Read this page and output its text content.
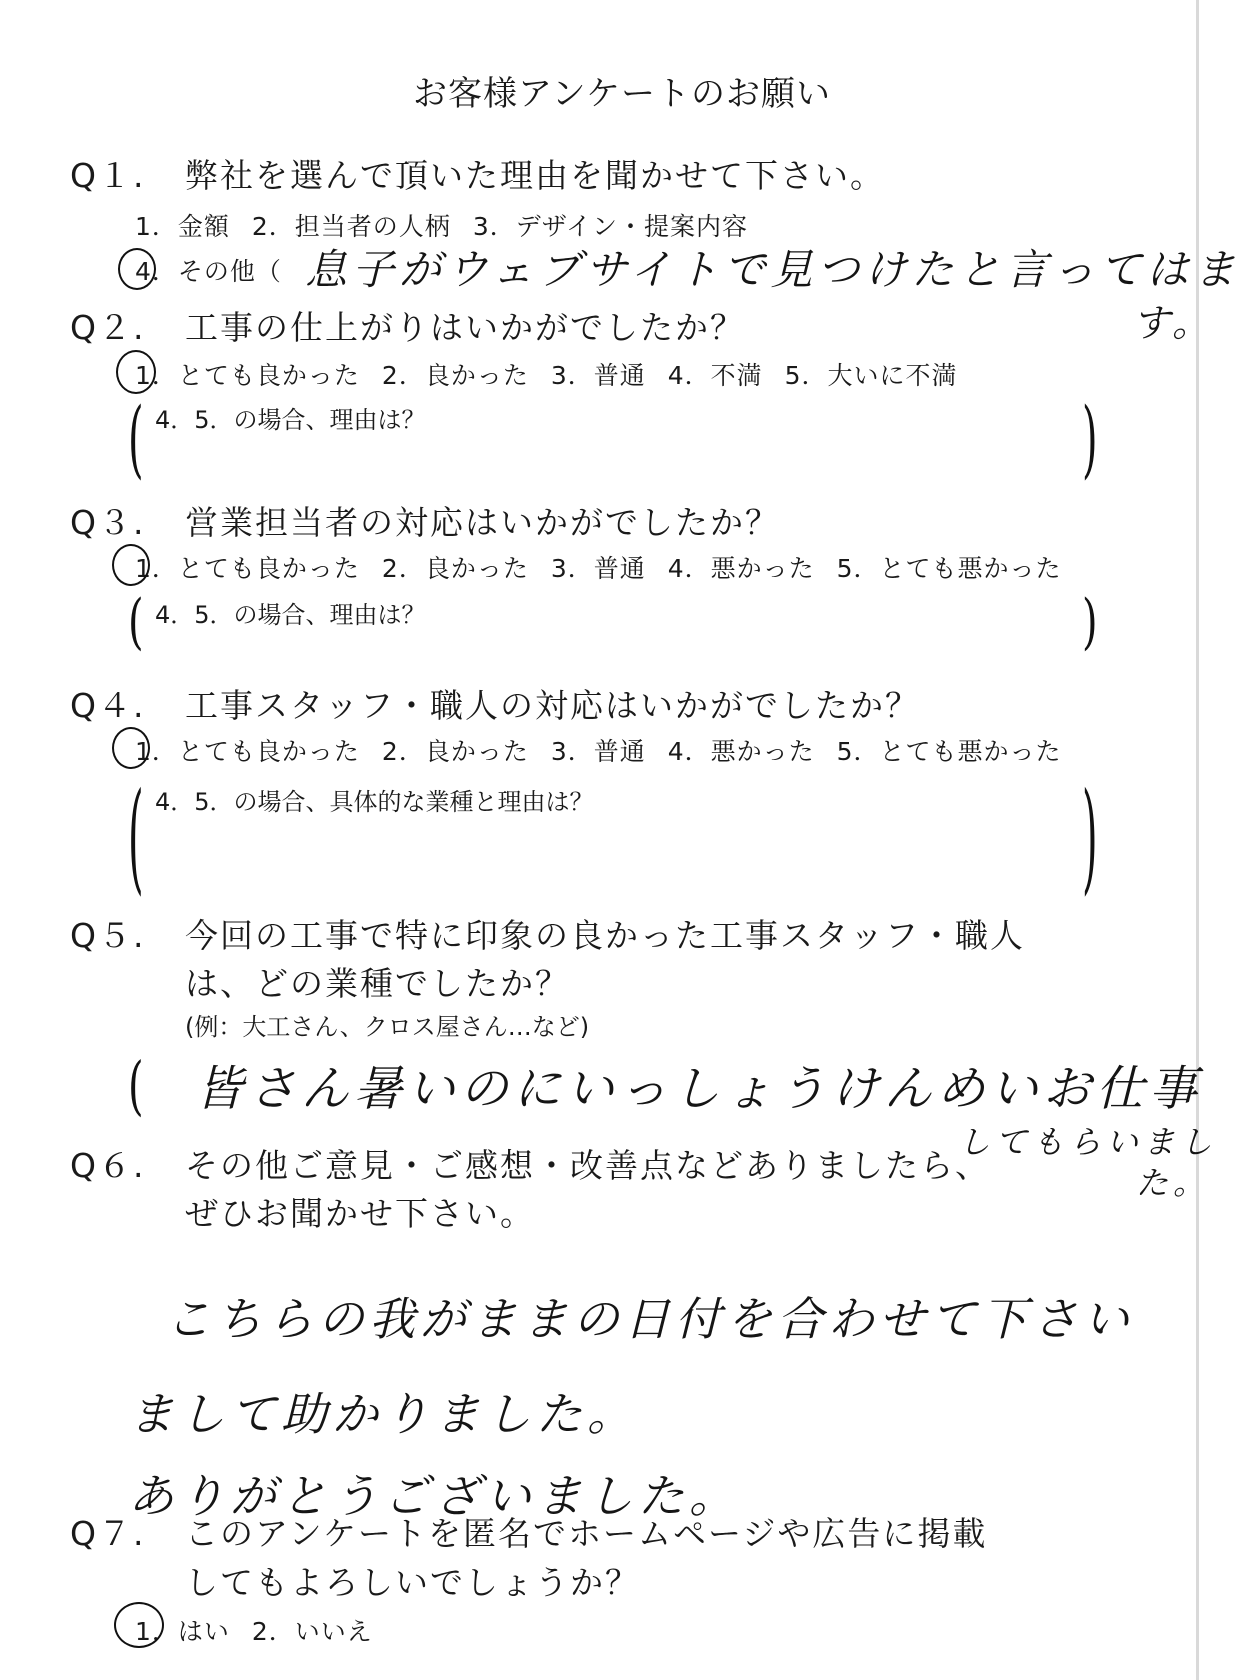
お客様アンケートのお願い
Q１. 弊社を選んで頂いた理由を聞かせて下さい。
1．金額 2．担当者の人柄 3．デザイン・提案内容
4．その他（ 息子がウェブサイトで見つけたと言ってはま
す。
Q２. 工事の仕上がりはいかがでしたか？
1．とても良かった 2．良かった 3．普通 4．不満 5．大いに不満
( 4．5．の場合、理由は？	)
Q３. 営業担当者の対応はいかがでしたか？
1．とても良かった 2．良かった 3．普通 4．悪かった 5．とても悪かった
( 4．5．の場合、理由は？	)
Q４. 工事スタッフ・職人の対応はいかがでしたか？
1．とても良かった 2．良かった 3．普通 4．悪かった 5．とても悪かった
( 4．5．の場合、具体的な業種と理由は？	)
Q５. 今回の工事で特に印象の良かった工事スタッフ・職人
は、どの業種でしたか？
(例：大工さん、クロス屋さん…など)
( 皆さん暑いのにいっしょうけんめいお仕事
してもらいまし
た。
Q６. その他ご意見・ご感想・改善点などありましたら、
ぜひお聞かせ下さい。
こちらの我がままの日付を合わせて下さい
まして助かりました。
ありがとうございました。
Q７. このアンケートを匿名でホームページや広告に掲載
してもよろしいでしょうか？
1．はい 2．いいえ
